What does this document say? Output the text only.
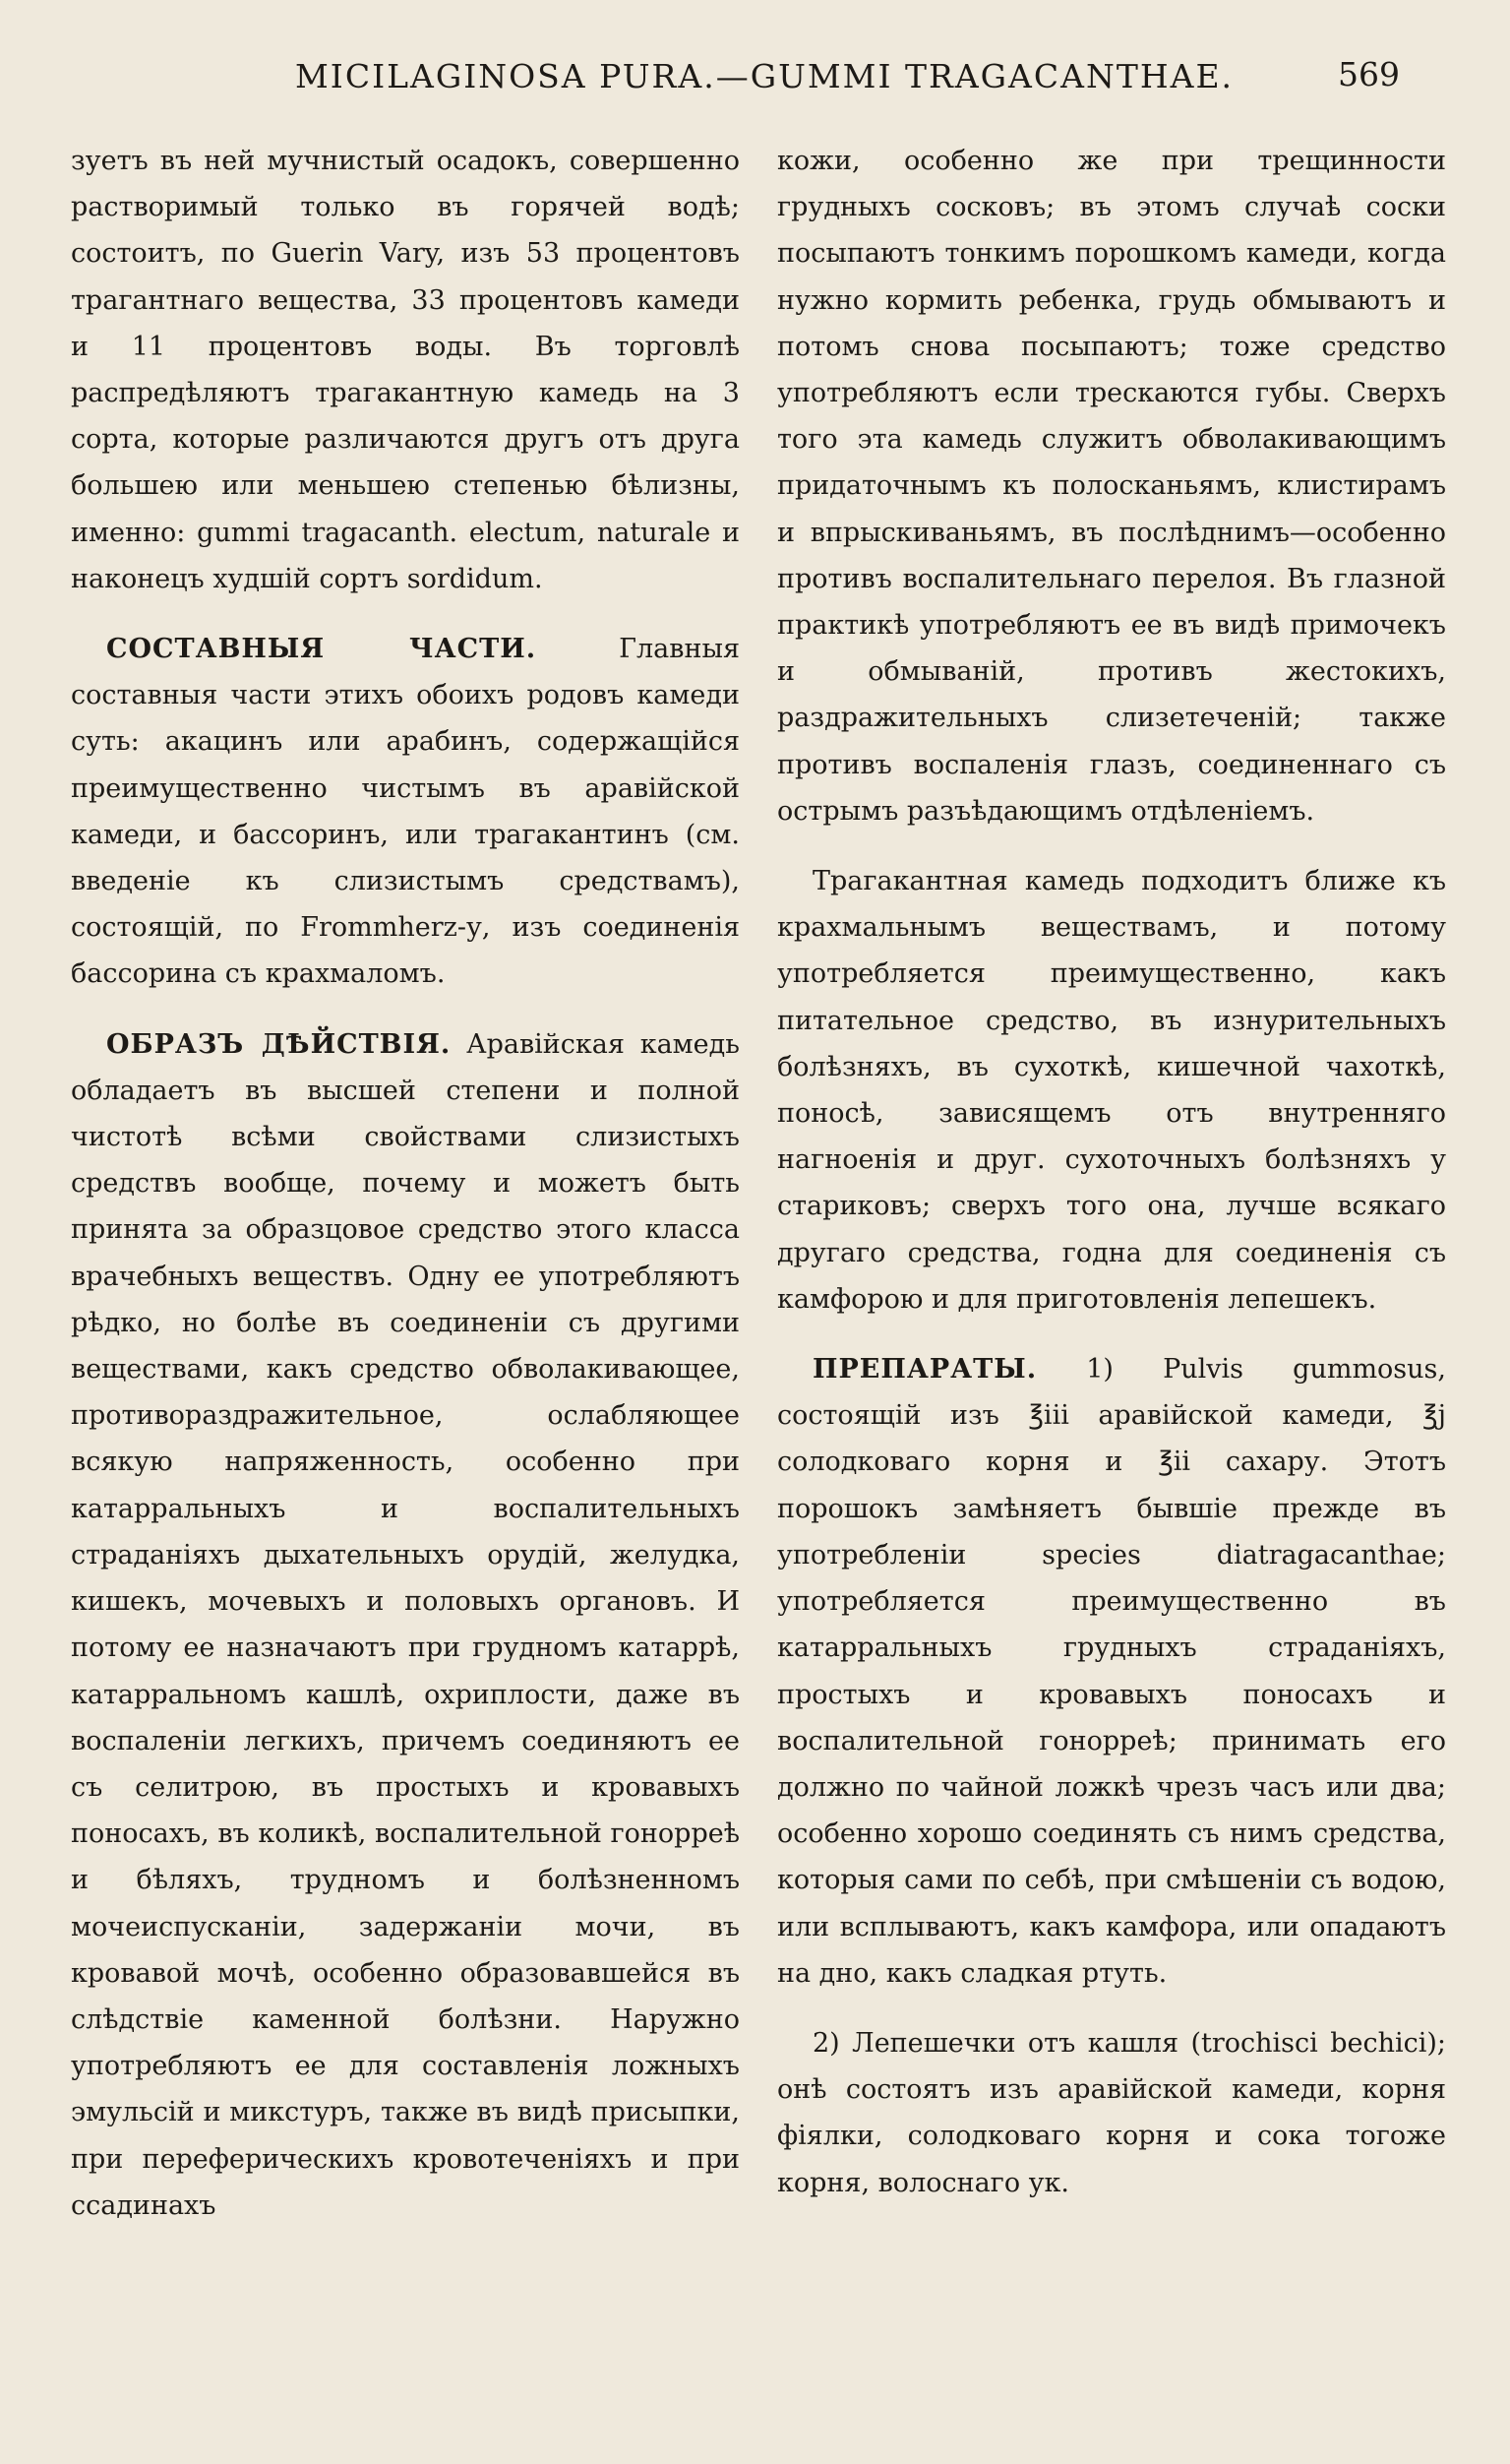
MICILAGINOSA PURA.—GUMMI TRAGACANTHAE.	569

зуетъ въ ней мучнистый осадокъ, совершенно растворимый только въ горячей водѣ; состоитъ, по Guerin Vary, изъ 53 процентовъ трагантнаго вещества, 33 процентовъ камеди и 11 процентовъ воды. Въ торговлѣ распредѣляютъ трагакантную камедь на 3 сорта, которые различаются другъ отъ друга большею или меньшею степенью бѣлизны, именно: gummi tragacanth. electum, naturale и наконецъ худшій сортъ sordidum.

СОСТАВНЫЯ ЧАСТИ.	Главныя составныя части этихъ обоихъ родовъ камеди суть: акацинъ или арабинъ, содержащійся преимущественно чистымъ въ аравійской камеди, и бассоринъ, или трагакантинъ (см. введеніе къ слизистымъ средствамъ), состоящій, по Frommherz-у, изъ соединенія бассорина съ крахмаломъ.

ОБРАЗЪ ДѢЙСТВІЯ. Аравійская камедь обладаетъ въ высшей степени и полной чистотѣ всѣми свойствами слизистыхъ средствъ вообще, почему и можетъ быть принята за образцовое средство этого класса врачебныхъ веществъ. Одну ее употребляютъ рѣдко, но болѣе въ соединеніи съ другими веществами, какъ средство обволакивающее, противораздражительное, ослабляющее всякую напряженность, особенно при катарральныхъ и воспалительныхъ страданіяхъ дыхательныхъ орудій, желудка, кишекъ, мочевыхъ и половыхъ органовъ. И потому ее назначаютъ при грудномъ катаррѣ, катарральномъ кашлѣ, охриплости, даже въ воспаленіи легкихъ, причемъ соединяютъ ее съ селитрою, въ простыхъ и кровавыхъ поносахъ, въ коликѣ, воспалительной гоноррeѣ и бѣляхъ, трудномъ и болѣзненномъ мочеиспусканіи, задержаніи мочи, въ кровавой мочѣ, особенно образовавшейся въ слѣдствіе каменной болѣзни. Наружно употребляютъ ее для составленія ложныхъ эмульсій и микстуръ, также въ видѣ присыпки, при переферическихъ кровотеченіяхъ и при ссадинахъ

кожи, особенно же при трещинности грудныхъ сосковъ; въ этомъ случаѣ соски посыпаютъ тонкимъ порошкомъ камеди, когда нужно кормить ребенка, грудь обмываютъ и потомъ снова посыпаютъ; тоже средство употребляютъ если трескаются губы. Сверхъ того эта камедь служитъ обволакивающимъ придаточнымъ къ полосканьямъ, клистирамъ и впрыскиваньямъ, въ послѣднимъ—особенно противъ воспалительнаго перелоя. Въ глазной практикѣ употребляютъ ее въ видѣ примочекъ и обмываній, противъ жестокихъ, раздражительныхъ слизетеченій; также противъ воспаленія глазъ, соединеннаго съ острымъ разъѣдающимъ отдѣленіемъ.

Трагакантная камедь подходитъ ближе къ крахмальнымъ веществамъ, и потому употребляется преимущественно, какъ питательное средство, въ изнурительныхъ болѣзняхъ, въ сухоткѣ, кишечной чахоткѣ, поносѣ, зависящемъ отъ внутренняго нагноенія и друг. сухоточныхъ болѣзняхъ у стариковъ; сверхъ того она, лучше всякаго другаго средства, годна для соединенія съ камфорою и для приготовленія лепешекъ.

ПРЕПАРАТЫ. 1) Pulvis gummosus, состоящій изъ ℥iii аравійской камеди, ℥j солодковаго корня и ℥ii сахару. Этотъ порошокъ замѣняетъ бывшіе прежде въ употребленіи species diatragacanthae; употребляется преимущественно въ катарральныхъ грудныхъ страданіяхъ, простыхъ и кровавыхъ поносахъ и воспалительной гоноррeѣ; принимать его должно по чайной ложкѣ чрезъ часъ или два; особенно хорошо соединять съ нимъ средства, которыя сами по себѣ, при смѣшеніи съ водою, или всплываютъ, какъ камфора, или опадаютъ на дно, какъ сладкая ртуть.

2) Лепешечки отъ кашля (trochisci bechici); онѣ состоятъ изъ аравійской камеди, корня фіялки, солодковаго корня и сока тогоже корня, волоснаго ук.
